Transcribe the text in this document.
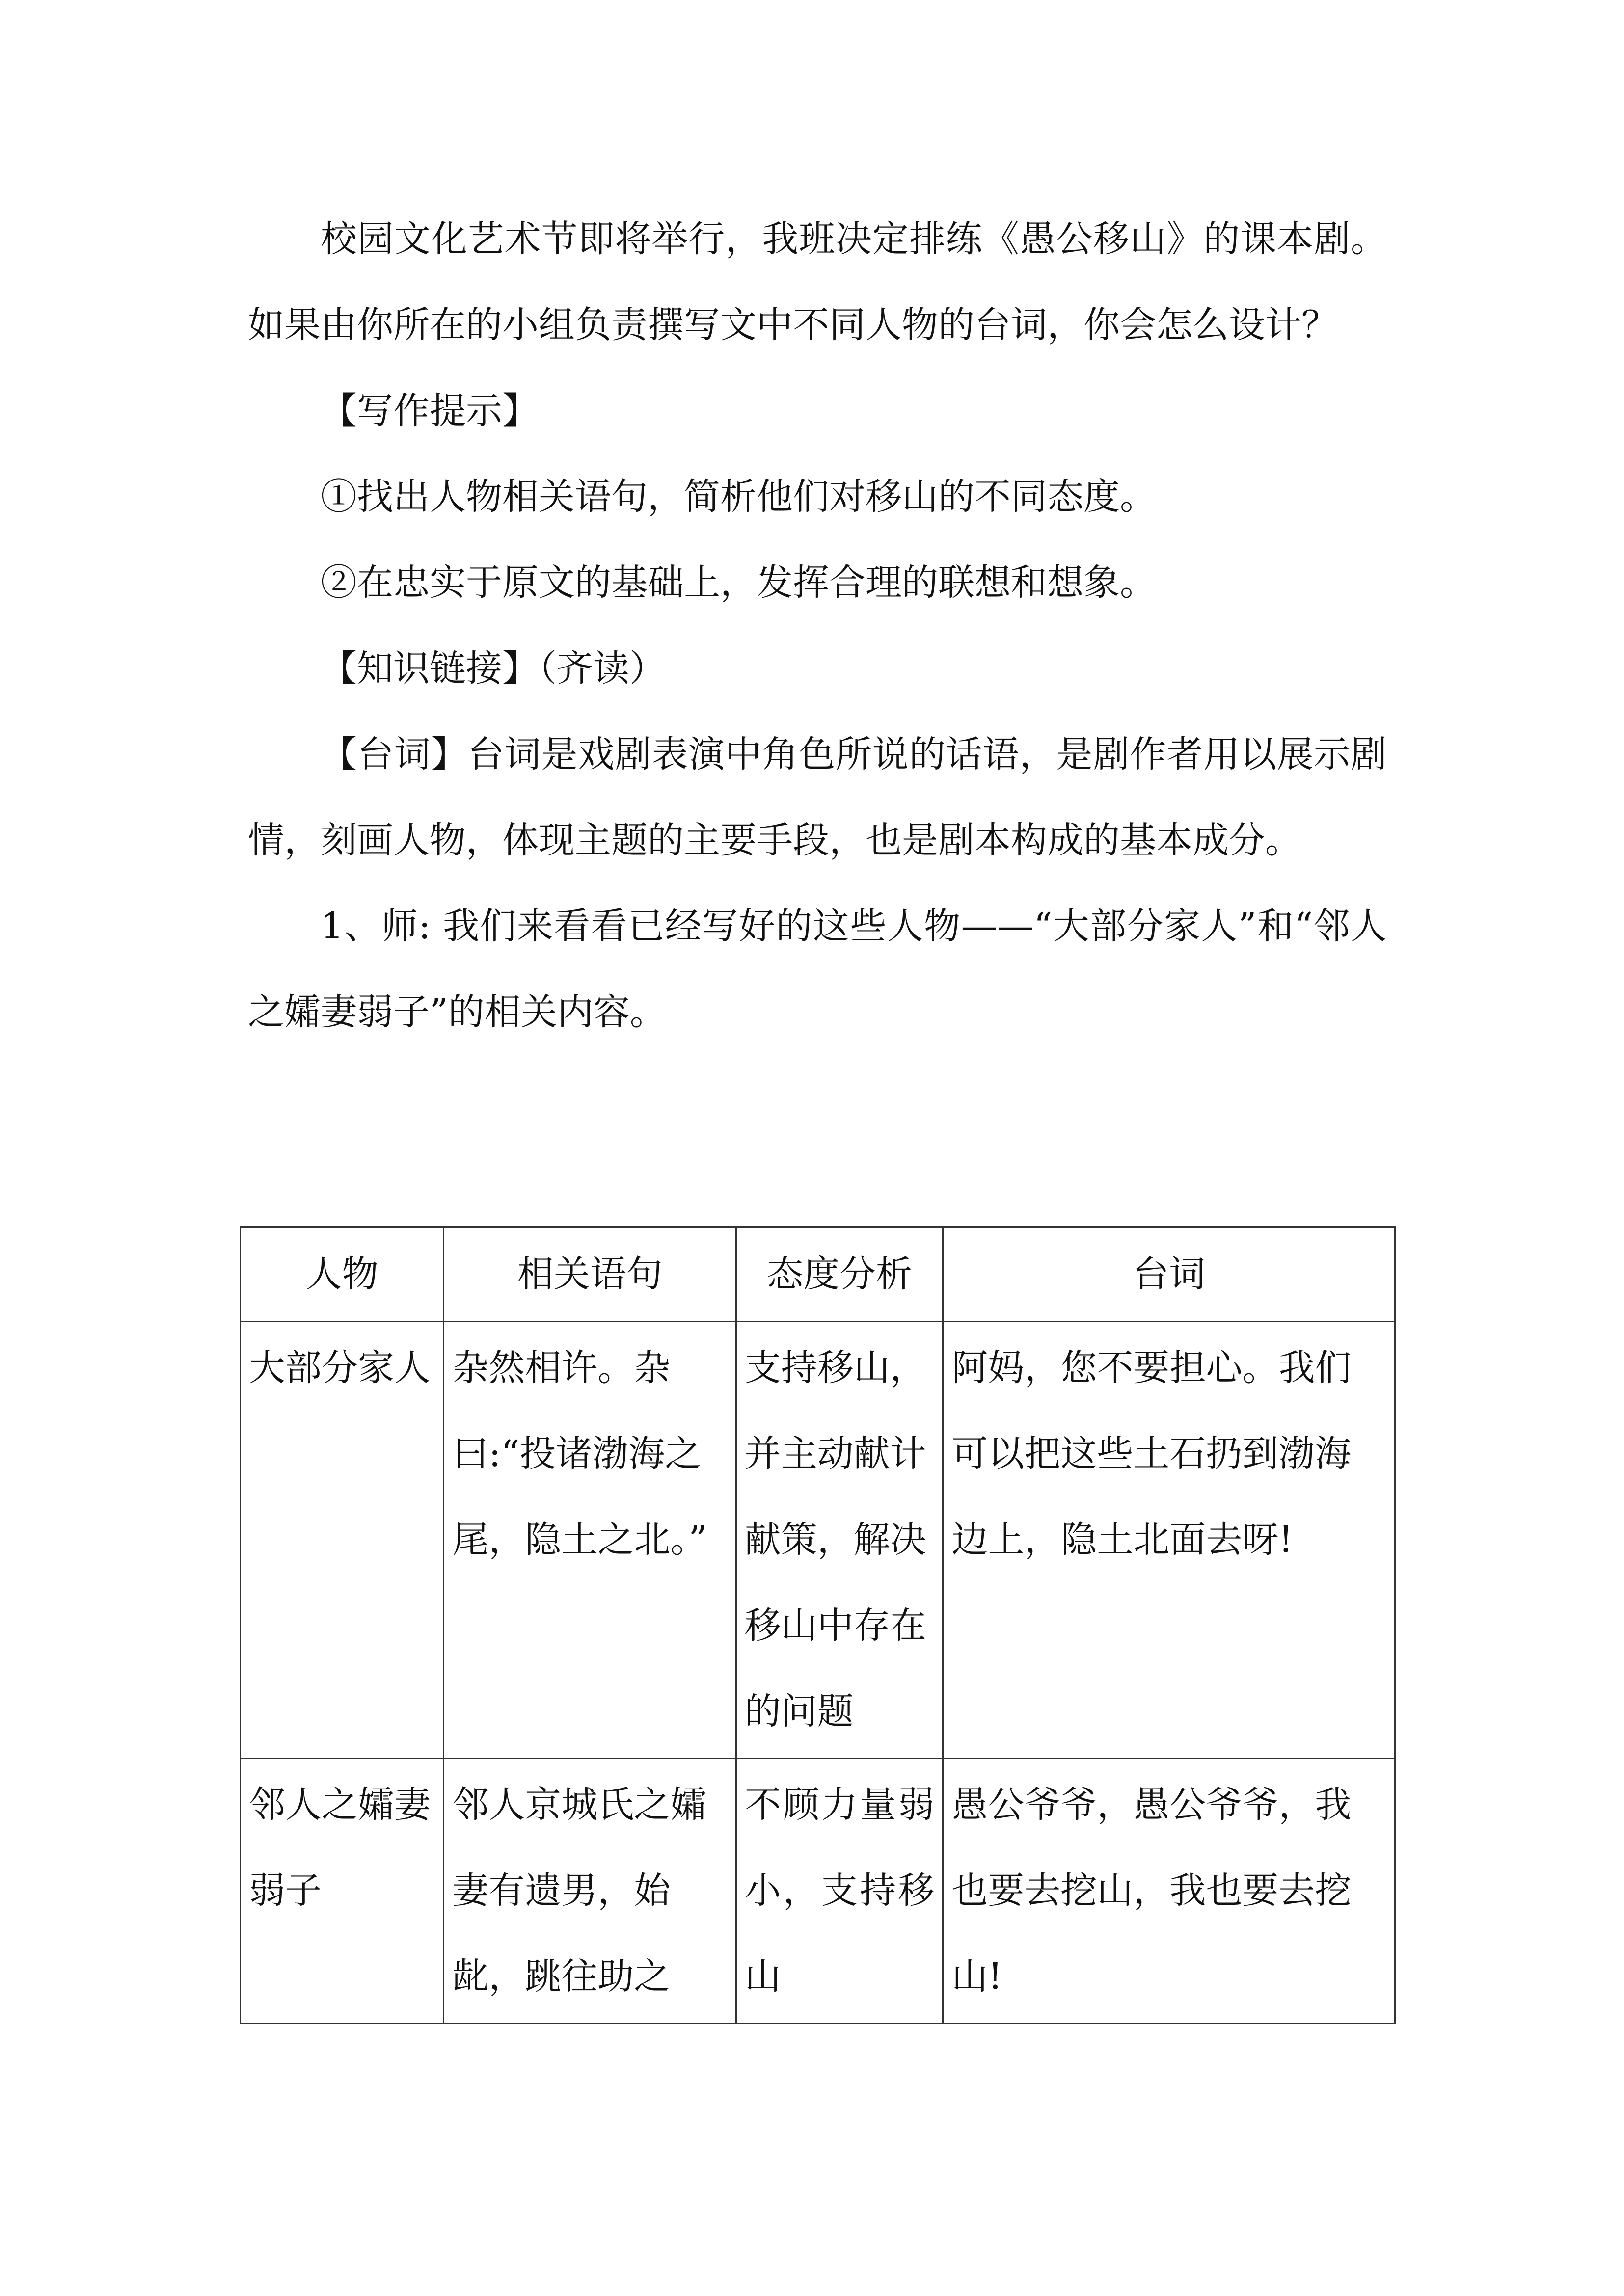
校园文化艺术节即将举行，我班决定排练《愚公移山》的课本剧。如果由你所在的小组负责撰写文中不同人物的台词，你会怎么设计？

【写作提示】

①找出人物相关语句，简析他们对移山的不同态度。

②在忠实于原文的基础上，发挥合理的联想和想象。

【知识链接】（齐读）

【台词】台词是戏剧表演中角色所说的话语，是剧作者用以展示剧情，刻画人物，体现主题的主要手段，也是剧本构成的基本成分。

1、师: 我们来看看已经写好的这些人物——“大部分家人”和“邻人之孀妻弱子”的相关内容。

人物	相关语句	态度分析	台词
大部分家人	杂然相许。杂曰:“投诸渤海之尾，隐土之北。”	支持移山，并主动献计献策，解决移山中存在的问题	阿妈，您不要担心。我们可以把这些土石扔到渤海边上，隐土北面去呀!
邻人之孀妻弱子	邻人京城氏之孀妻有遗男，始龀，跳往助之	不顾力量弱小，支持移山	愚公爷爷，愚公爷爷，我也要去挖山，我也要去挖山!
